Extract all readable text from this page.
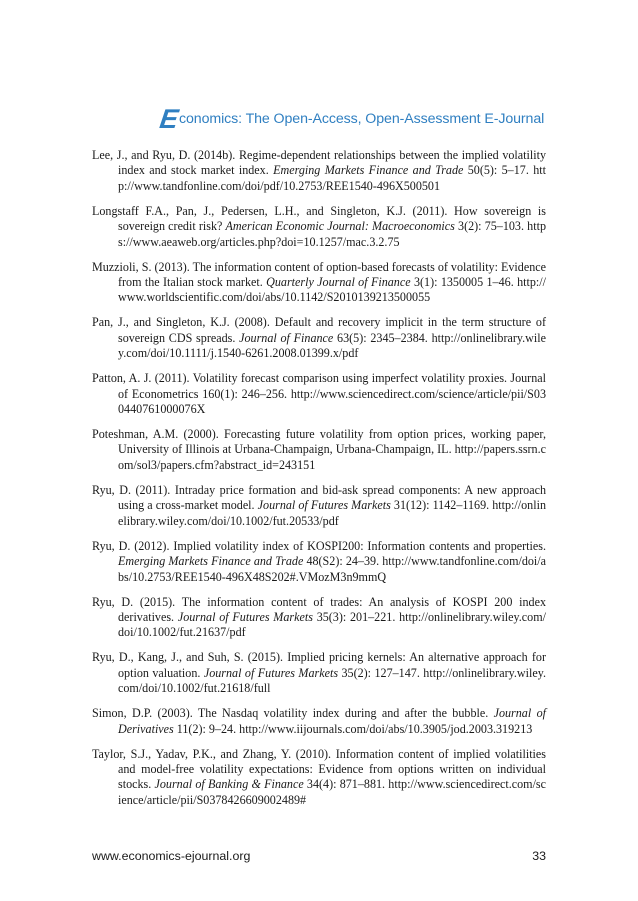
E
conomics: The Open-Access, Open-Assessment E-Journal

Lee, J., and Ryu, D. (2014b). Regime-dependent relationships between the implied volatility index and stock market index. Emerging Markets Finance and Trade 50(5): 5–17. http://www.tandfonline.com/doi/pdf/10.2753/REE1540-496X500501

Longstaff F.A., Pan, J., Pedersen, L.H., and Singleton, K.J. (2011). How sovereign is sovereign credit risk? American Economic Journal: Macroeconomics 3(2): 75–103. https://www.aeaweb.org/articles.php?doi=10.1257/mac.3.2.75

Muzzioli, S. (2013). The information content of option-based forecasts of volatility: Evidence from the Italian stock market. Quarterly Journal of Finance 3(1): 1350005 1–46. http://www.worldscientific.com/doi/abs/10.1142/S2010139213500055

Pan, J., and Singleton, K.J. (2008). Default and recovery implicit in the term structure of sovereign CDS spreads. Journal of Finance 63(5): 2345–2384. http://onlinelibrary.wiley.com/doi/10.1111/j.1540-6261.2008.01399.x/pdf

Patton, A. J. (2011). Volatility forecast comparison using imperfect volatility proxies. Journal of Econometrics 160(1): 246–256. http://www.sciencedirect.com/science/article/pii/S030440761000076X

Poteshman, A.M. (2000). Forecasting future volatility from option prices, working paper, University of Illinois at Urbana-Champaign, Urbana-Champaign, IL. http://papers.ssrn.com/sol3/papers.cfm?abstract_id=243151

Ryu, D. (2011). Intraday price formation and bid-ask spread components: A new approach using a cross-market model. Journal of Futures Markets 31(12): 1142–1169. http://onlinelibrary.wiley.com/doi/10.1002/fut.20533/pdf

Ryu, D. (2012). Implied volatility index of KOSPI200: Information contents and properties. Emerging Markets Finance and Trade 48(S2): 24–39. http://www.tandfonline.com/doi/abs/10.2753/REE1540-496X48S202#.VMozM3n9mmQ

Ryu, D. (2015). The information content of trades: An analysis of KOSPI 200 index derivatives. Journal of Futures Markets 35(3): 201–221. http://onlinelibrary.wiley.com/doi/10.1002/fut.21637/pdf

Ryu, D., Kang, J., and Suh, S. (2015). Implied pricing kernels: An alternative approach for option valuation. Journal of Futures Markets 35(2): 127–147. http://onlinelibrary.wiley.com/doi/10.1002/fut.21618/full

Simon, D.P. (2003). The Nasdaq volatility index during and after the bubble. Journal of Derivatives 11(2): 9–24. http://www.iijournals.com/doi/abs/10.3905/jod.2003.319213

Taylor, S.J., Yadav, P.K., and Zhang, Y. (2010). Information content of implied volatilities and model-free volatility expectations: Evidence from options written on individual stocks. Journal of Banking & Finance 34(4): 871–881. http://www.sciencedirect.com/science/article/pii/S0378426609002489#

www.economics-ejournal.org	33
